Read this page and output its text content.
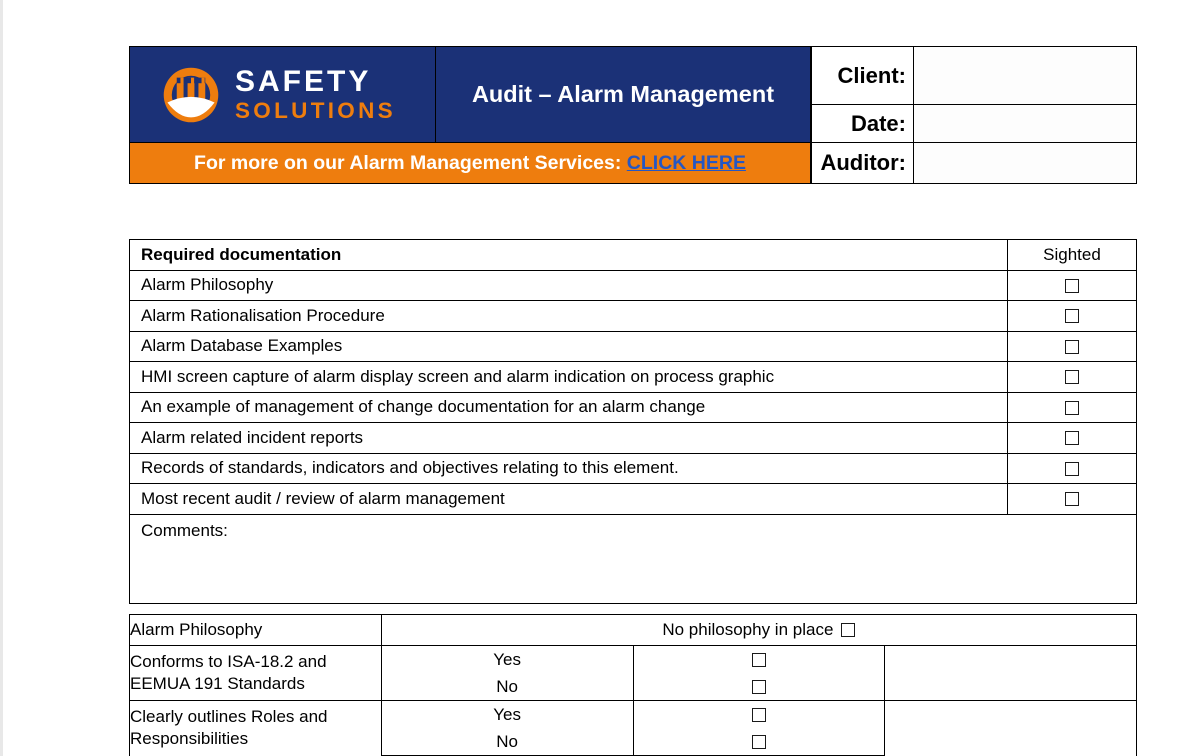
SAFETY
SOLUTIONS
Audit – Alarm Management
For more on our Alarm Management Services: CLICK HERE
Client:
Date:
Auditor:
Required documentation	Sighted
Alarm Philosophy	
Alarm Rationalisation Procedure	
Alarm Database Examples	
HMI screen capture of alarm display screen and alarm indication on process graphic	
An example of management of change documentation for an alarm change	
Alarm related incident reports	
Records of standards, indicators and objectives relating to this element.	
Most recent audit / review of alarm management	
Comments:	
Alarm Philosophy	No philosophy in place		
Conforms to ISA-18.2 and EEMUA 191 Standards	Yes		
	No		
Clearly outlines Roles and Responsibilities	Yes		
	No		
